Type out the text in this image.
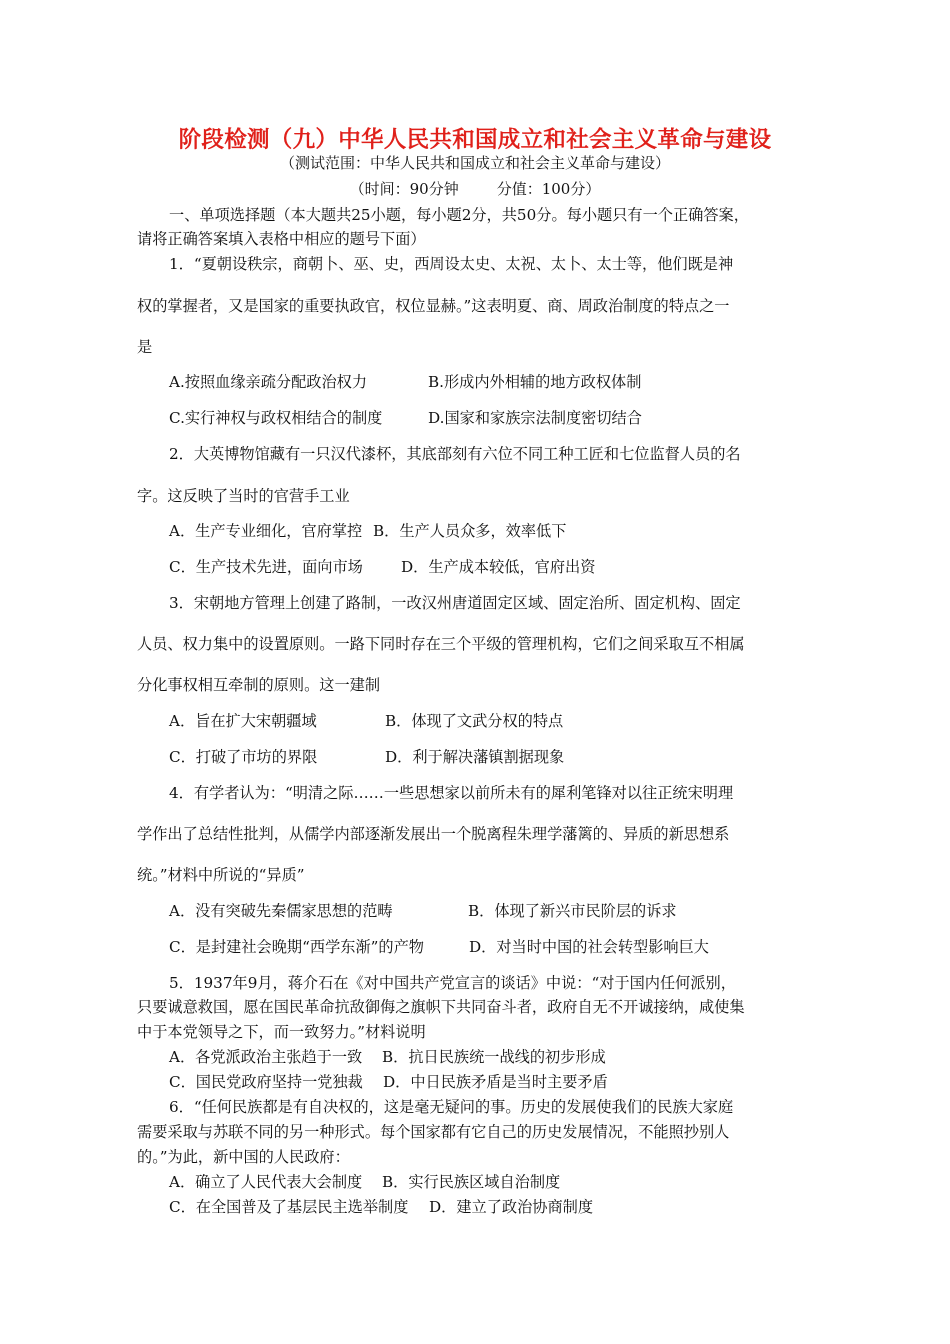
阶段检测（九）中华人民共和国成立和社会主义革命与建设
（测试范围：中华人民共和国成立和社会主义革命与建设）
（时间：90分钟	分值：100分）
一、单项选择题（本大题共25小题，每小题2分，共50分。每小题只有一个正确答案，
请将正确答案填入表格中相应的题号下面）
1．“夏朝设秩宗，商朝卜、巫、史，西周设太史、太祝、太卜、太士等，他们既是神
权的掌握者，又是国家的重要执政官，权位显赫。”这表明夏、商、周政治制度的特点之一
是
A.按照血缘亲疏分配政治权力	B.形成内外相辅的地方政权体制
C.实行神权与政权相结合的制度	D.国家和家族宗法制度密切结合
2．大英博物馆藏有一只汉代漆杯，其底部刻有六位不同工种工匠和七位监督人员的名
字。这反映了当时的官营手工业
A．生产专业细化，官府掌控 B．生产人员众多，效率低下
C．生产技术先进，面向市场	D．生产成本较低，官府出资
3．宋朝地方管理上创建了路制，一改汉州唐道固定区域、固定治所、固定机构、固定
人员、权力集中的设置原则。一路下同时存在三个平级的管理机构，它们之间采取互不相属
分化事权相互牵制的原则。这一建制
A．旨在扩大宋朝疆域	B．体现了文武分权的特点
C．打破了市坊的界限	D．利于解决藩镇割据现象
4．有学者认为：“明清之际……一些思想家以前所未有的犀利笔锋对以往正统宋明理
学作出了总结性批判，从儒学内部逐渐发展出一个脱离程朱理学藩篱的、异质的新思想系
统。”材料中所说的“异质”
A．没有突破先秦儒家思想的范畴	B．体现了新兴市民阶层的诉求
C．是封建社会晚期“西学东渐”的产物	D．对当时中国的社会转型影响巨大
5．1937年9月，蒋介石在《对中国共产党宣言的谈话》中说：“对于国内任何派别，
只要诚意救国，愿在国民革命抗敌御侮之旗帜下共同奋斗者，政府自无不开诚接纳，咸使集
中于本党领导之下，而一致努力。”材料说明
A．各党派政治主张趋于一致 B．抗日民族统一战线的初步形成
C．国民党政府坚持一党独裁 D．中日民族矛盾是当时主要矛盾
6．“任何民族都是有自决权的，这是毫无疑问的事。历史的发展使我们的民族大家庭
需要采取与苏联不同的另一种形式。每个国家都有它自己的历史发展情况，不能照抄别人
的。”为此，新中国的人民政府：
A．确立了人民代表大会制度 B．实行民族区域自治制度
C．在全国普及了基层民主选举制度 D．建立了政治协商制度
